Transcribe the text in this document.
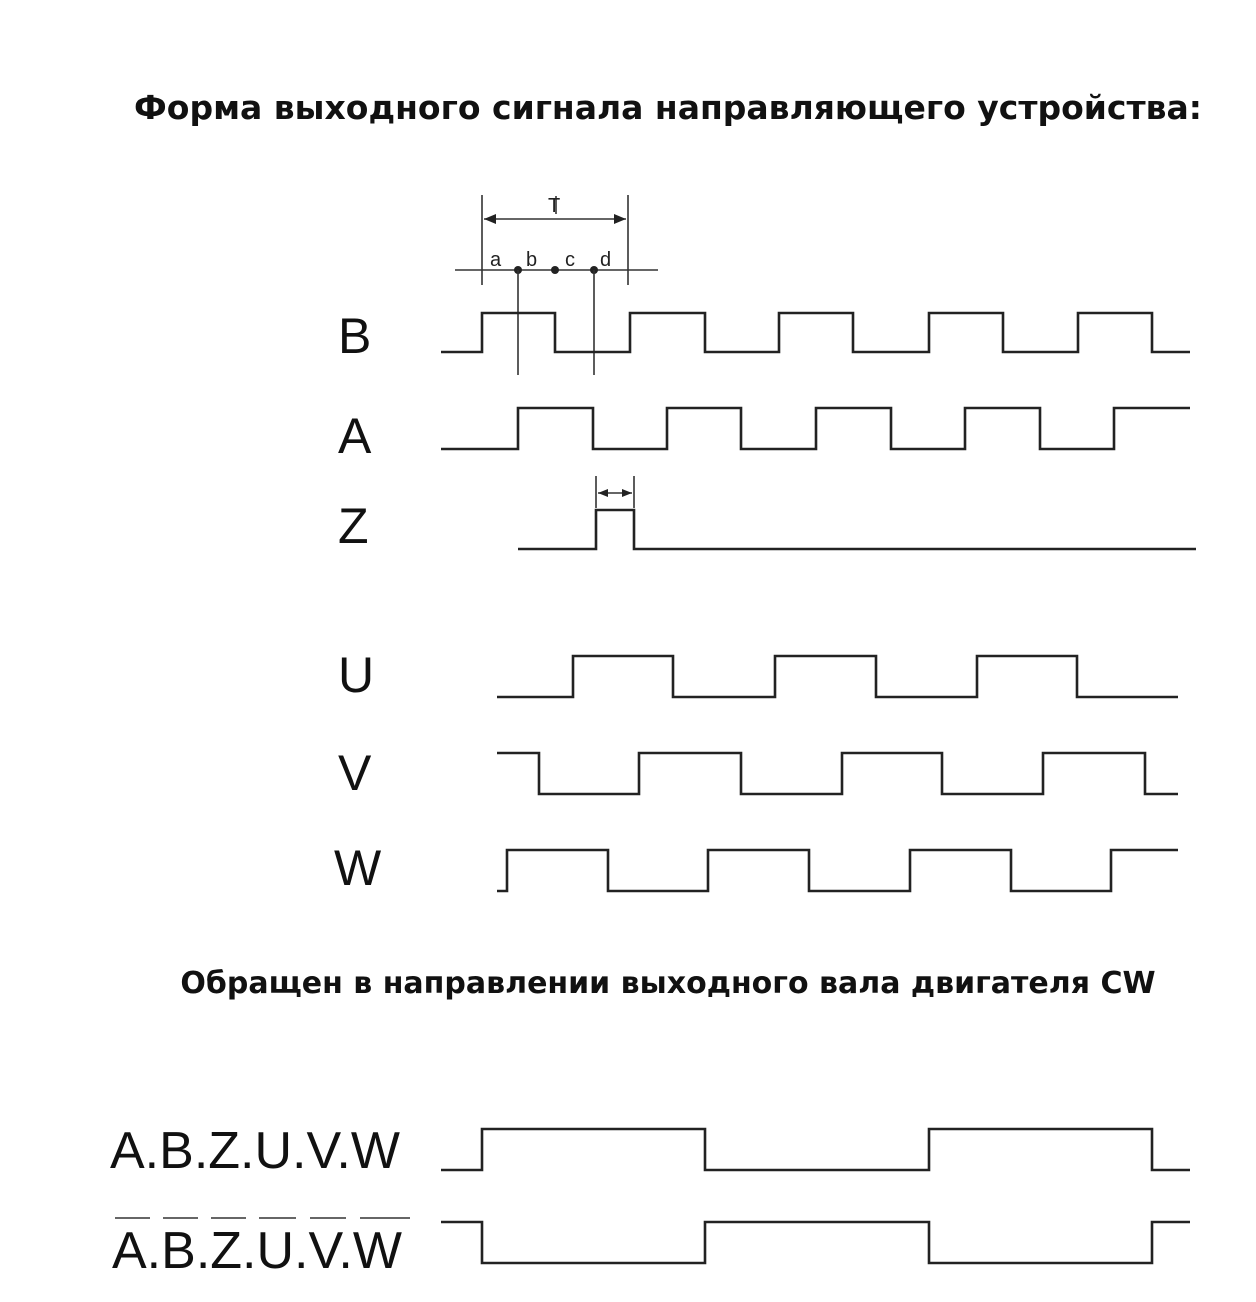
Форма выходного сигнала направляющего устройства:
T
a b c d
B
A
Z
U
V
W
A.B.Z.U.V.W
A.B.Z.U.V.W
Обращен в направлении выходного вала двигателя CW
